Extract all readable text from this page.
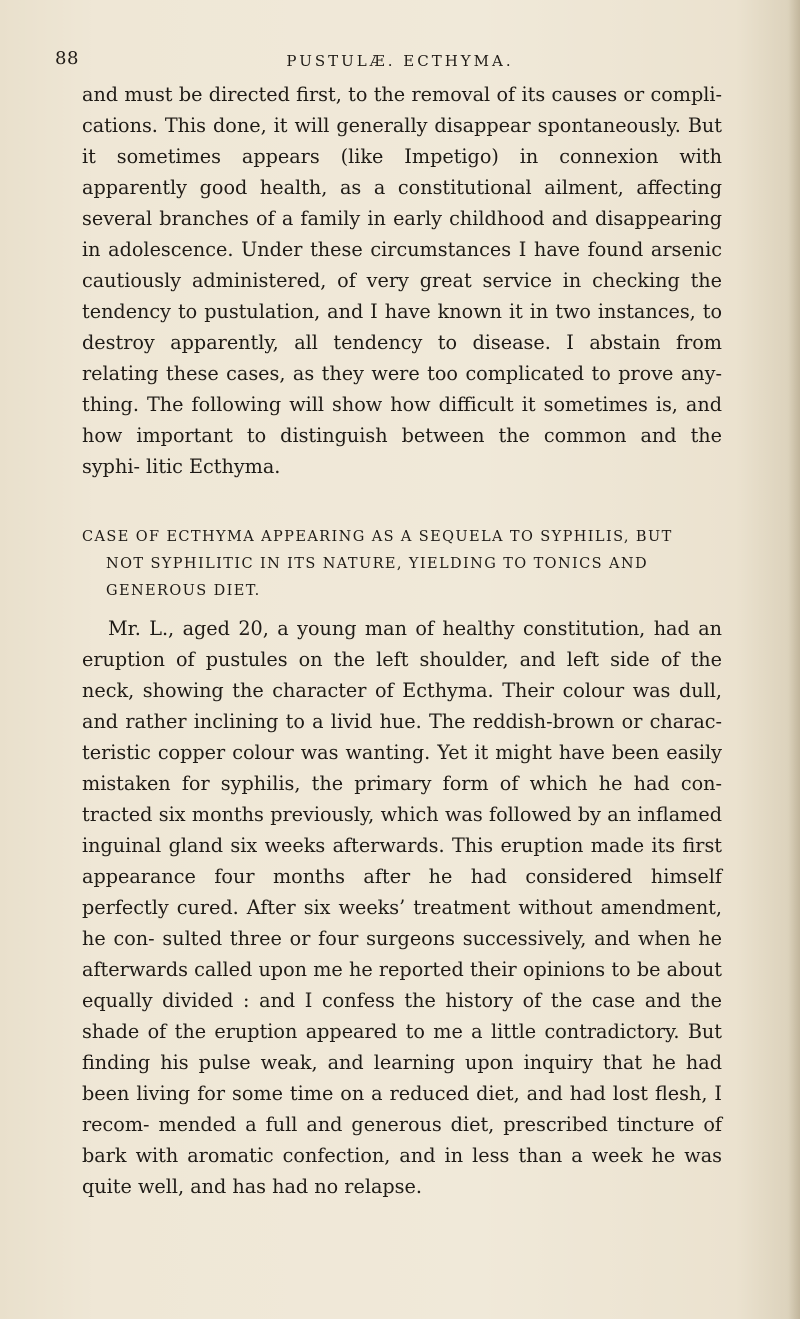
88	PUSTULÆ. ECTHYMA.

and must be directed first, to the removal of its causes or compli- cations. This done, it will generally disappear spontaneously. But it sometimes appears (like Impetigo) in connexion with apparently good health, as a constitutional ailment, affecting several branches of a family in early childhood and disappearing in adolescence. Under these circumstances I have found arsenic cautiously administered, of very great service in checking the tendency to pustulation, and I have known it in two instances, to destroy apparently, all tendency to disease. I abstain from relating these cases, as they were too complicated to prove any- thing. The following will show how difficult it sometimes is, and how important to distinguish between the common and the syphi- litic Ecthyma.

CASE OF ECTHYMA APPEARING AS A SEQUELA TO SYPHILIS, BUT
NOT SYPHILITIC IN ITS NATURE, YIELDING TO TONICS AND
GENEROUS DIET.

Mr. L., aged 20, a young man of healthy constitution, had an eruption of pustules on the left shoulder, and left side of the neck, showing the character of Ecthyma. Their colour was dull, and rather inclining to a livid hue. The reddish-brown or charac- teristic copper colour was wanting. Yet it might have been easily mistaken for syphilis, the primary form of which he had con- tracted six months previously, which was followed by an inflamed inguinal gland six weeks afterwards. This eruption made its first appearance four months after he had considered himself perfectly cured. After six weeks’ treatment without amendment, he con- sulted three or four surgeons successively, and when he afterwards called upon me he reported their opinions to be about equally divided : and I confess the history of the case and the shade of the eruption appeared to me a little contradictory. But finding his pulse weak, and learning upon inquiry that he had been living for some time on a reduced diet, and had lost flesh, I recom- mended a full and generous diet, prescribed tincture of bark with aromatic confection, and in less than a week he was quite well, and has had no relapse.
